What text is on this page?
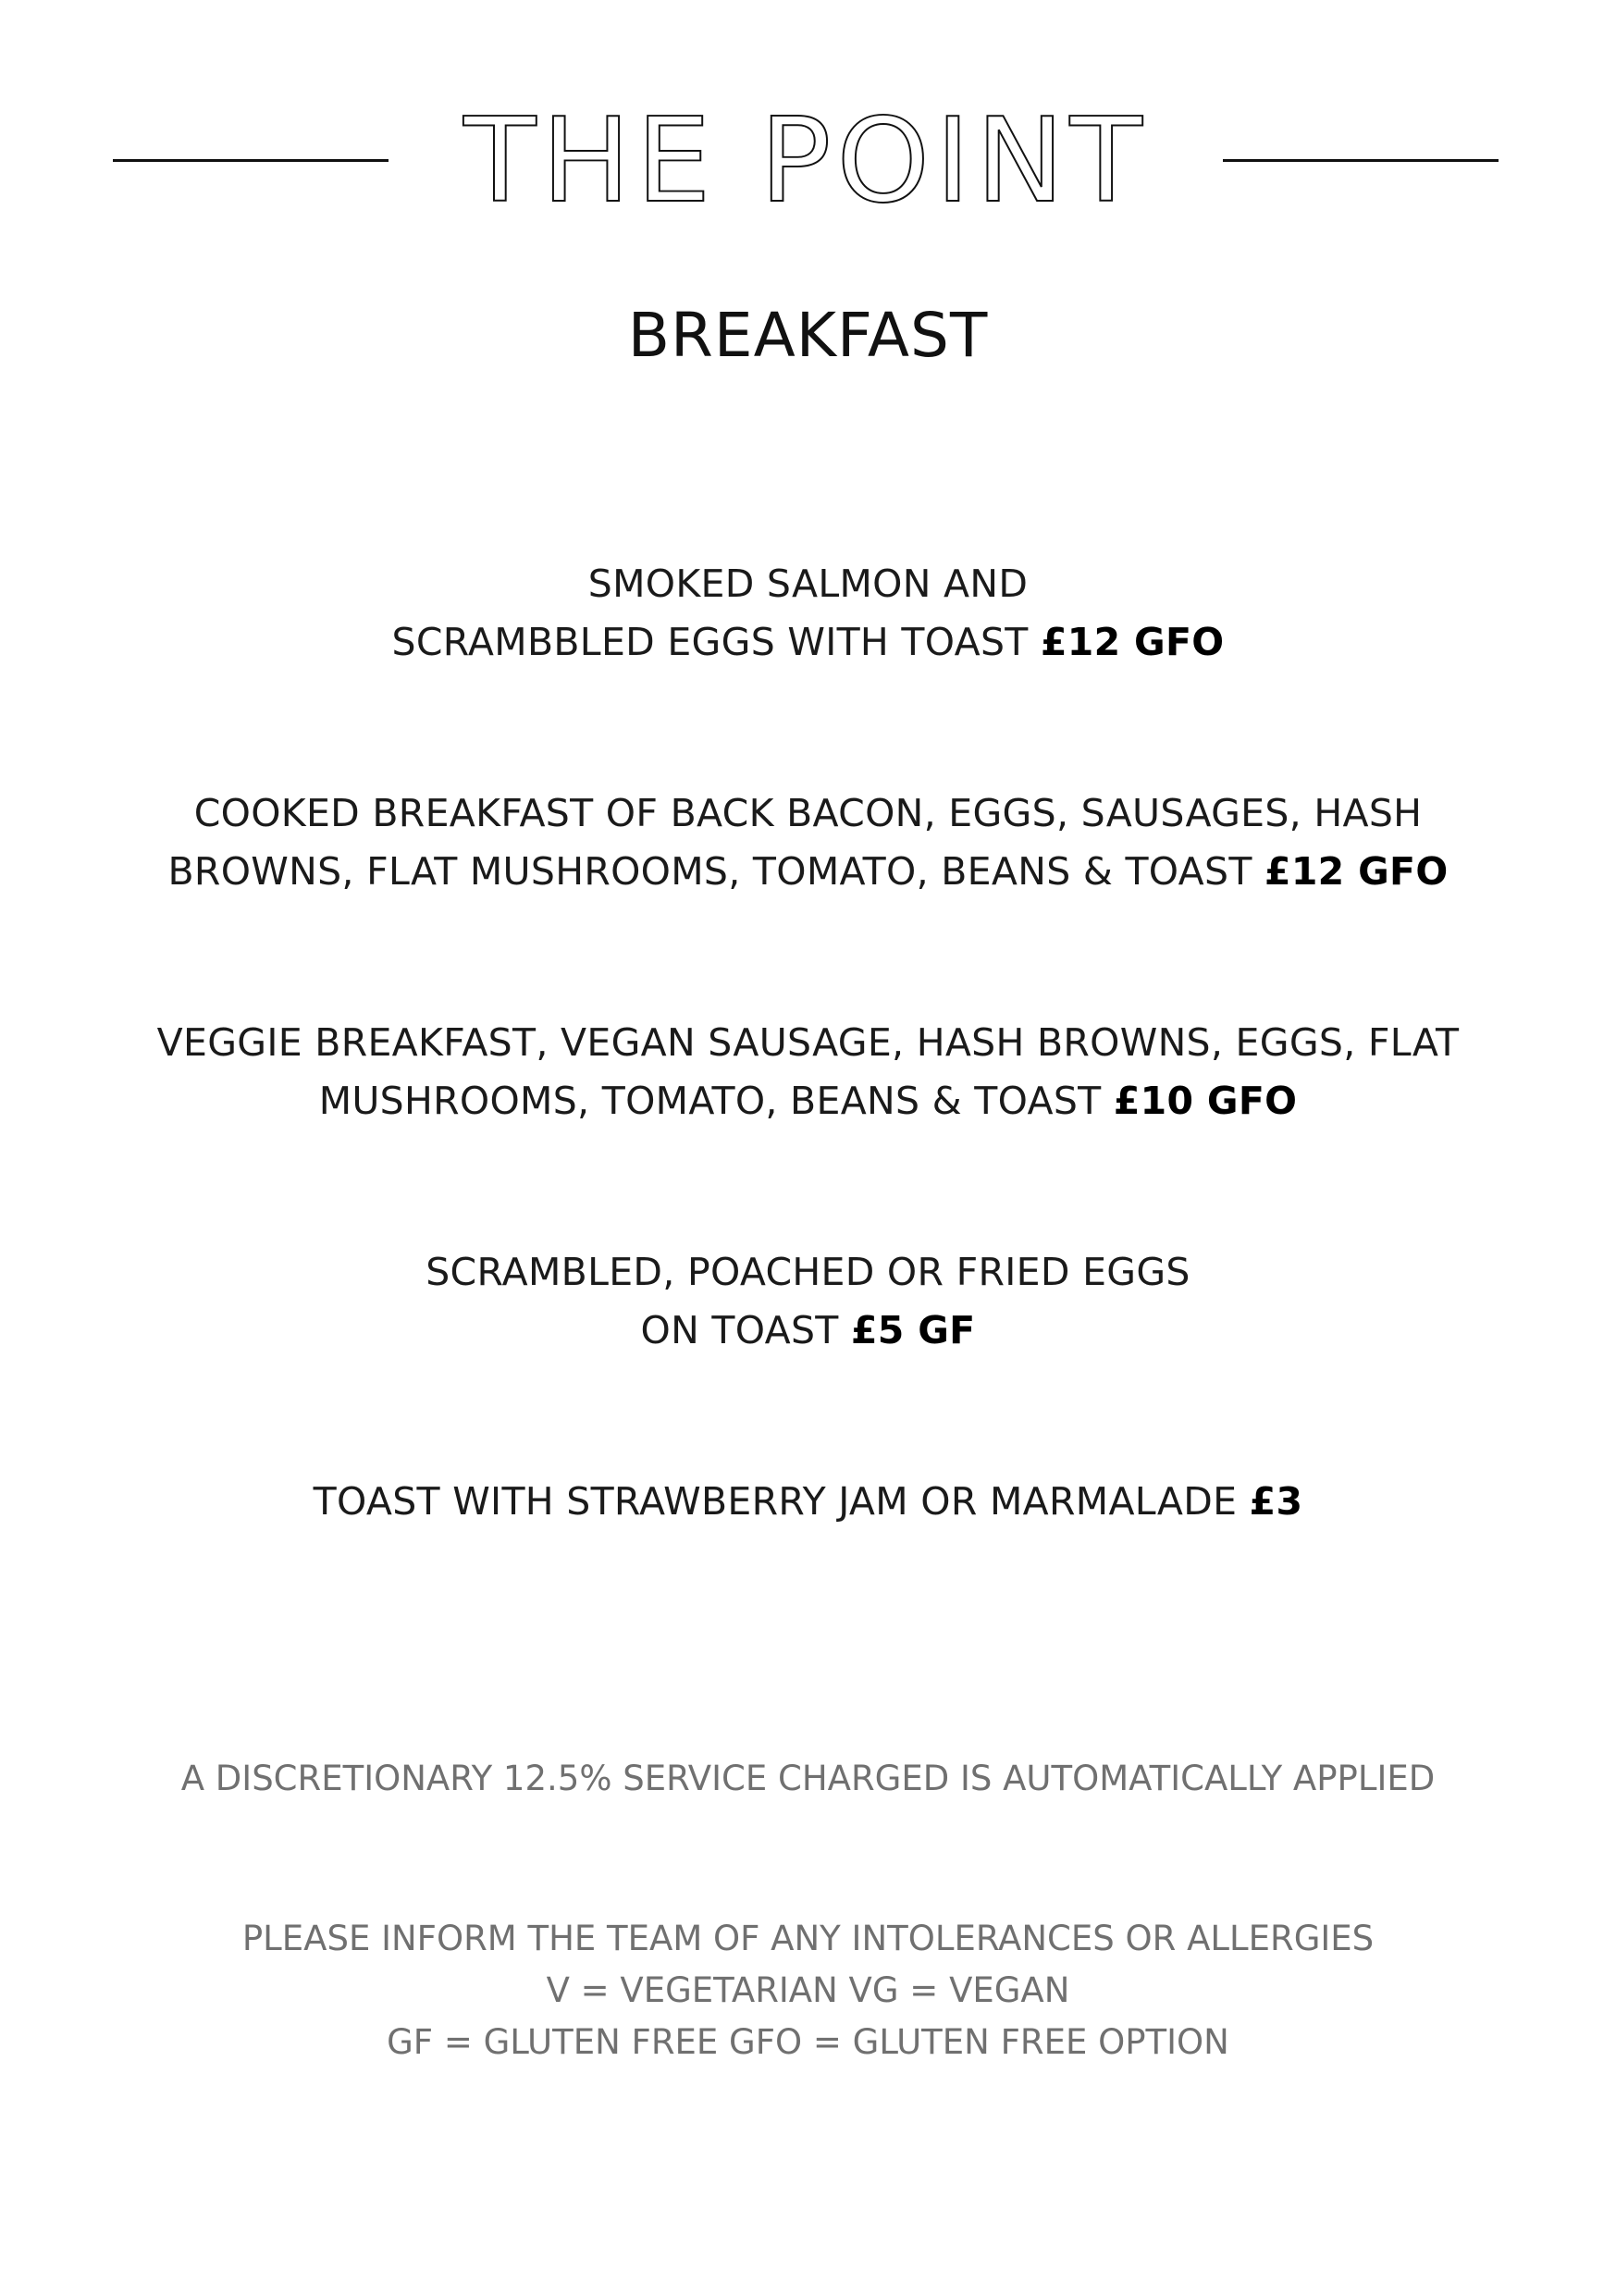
THE POINT
BREAKFAST
SMOKED SALMON AND
SCRAMBBLED EGGS WITH TOAST £12 GFO
COOKED BREAKFAST OF BACK BACON, EGGS, SAUSAGES, HASH
BROWNS, FLAT MUSHROOMS, TOMATO, BEANS & TOAST £12 GFO
VEGGIE BREAKFAST, VEGAN SAUSAGE, HASH BROWNS, EGGS, FLAT
MUSHROOMS, TOMATO, BEANS & TOAST £10 GFO
SCRAMBLED, POACHED OR FRIED EGGS
ON TOAST £5 GF
TOAST WITH STRAWBERRY JAM OR MARMALADE £3
A DISCRETIONARY 12.5% SERVICE CHARGED IS AUTOMATICALLY APPLIED
PLEASE INFORM THE TEAM OF ANY INTOLERANCES OR ALLERGIES
V = VEGETARIAN VG = VEGAN
GF = GLUTEN FREE GFO = GLUTEN FREE OPTION
